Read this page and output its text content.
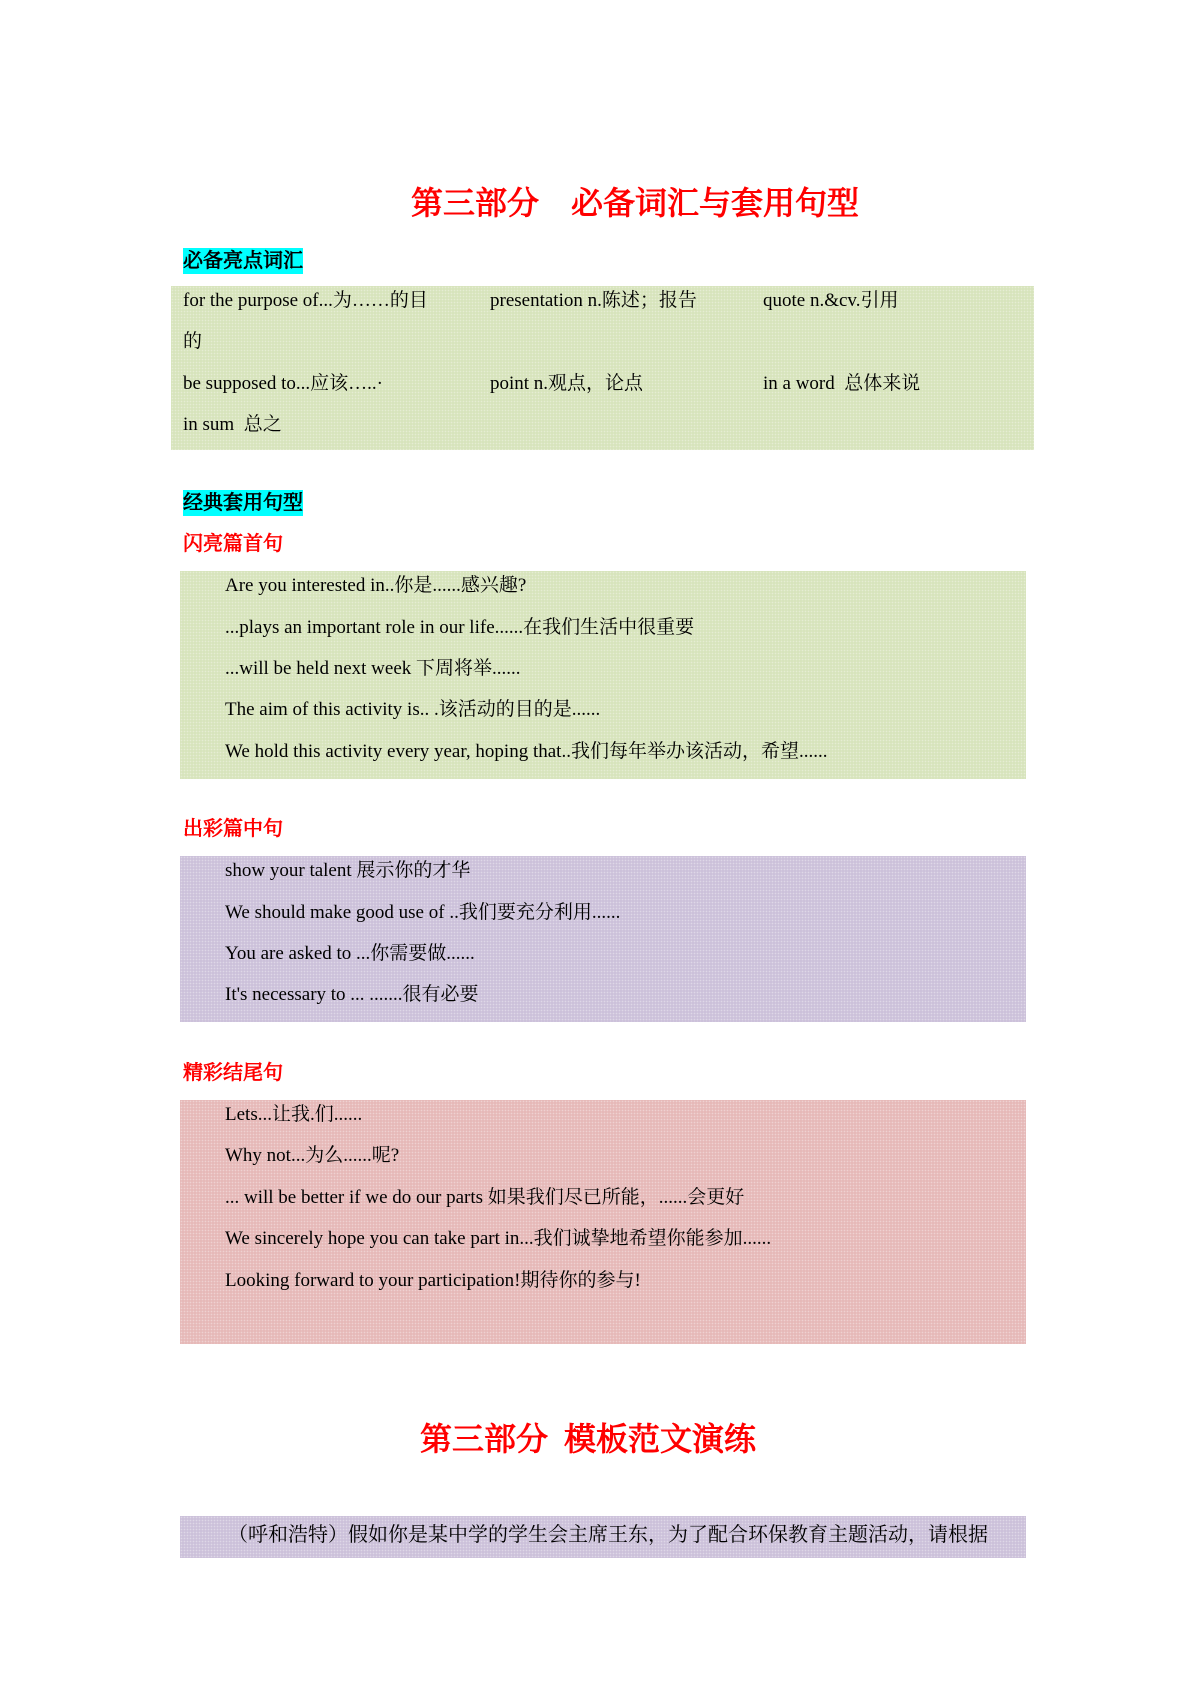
第三部分    必备词汇与套用句型
必备亮点词汇
for the purpose of...为……的目	presentation n.陈述；报告	quote n.&cv.引用
的
be supposed to...应该…..·	point n.观点，论点	in a word  总体来说
in sum  总之
经典套用句型
闪亮篇首句
Are you interested in..你是......感兴趣?
...plays an important role in our life......在我们生活中很重要
...will be held next week 下周将举......
The aim of this activity is.. .该活动的目的是......
We hold this activity every year, hoping that..我们每年举办该活动，希望......
出彩篇中句
show your talent 展示你的才华
We should make good use of ..我们要充分利用......
You are asked to ...你需要做......
It's necessary to ... .......很有必要
精彩结尾句
Lets...让我.们......
Why not...为么......呢?
... will be better if we do our parts 如果我们尽已所能，......会更好
We sincerely hope you can take part in...我们诚挚地希望你能参加......
Looking forward to your participation!期待你的参与!
第三部分  模板范文演练
（呼和浩特）假如你是某中学的学生会主席王东，为了配合环保教育主题活动，请根据
